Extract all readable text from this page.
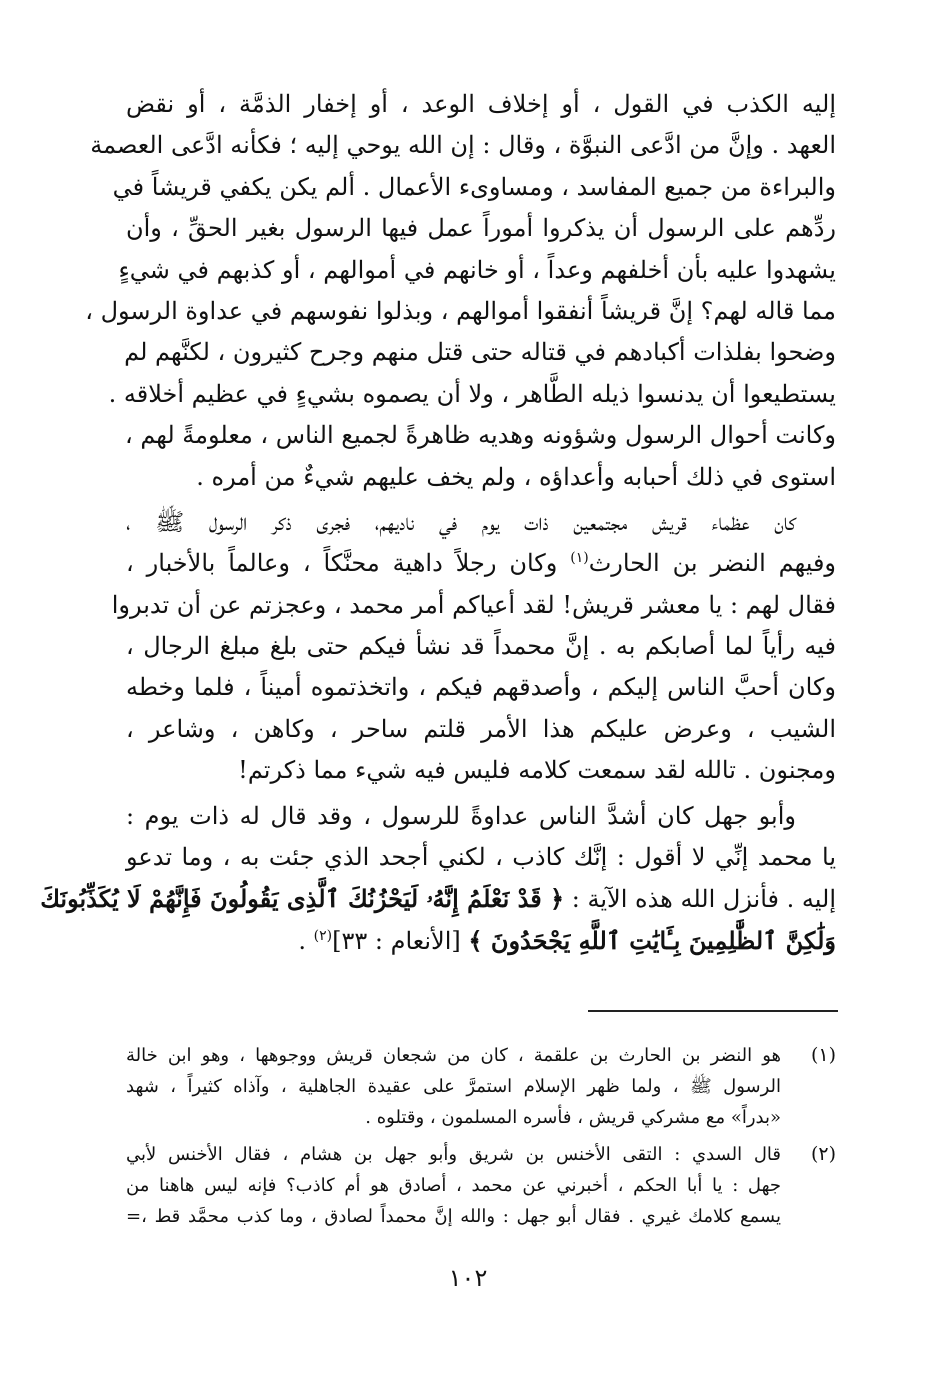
إليه الكذب في القول ، أو إخلاف الوعد ، أو إخفار الذمَّة ، أو نقض

العهد . وإنَّ من ادَّعى النبوَّة ، وقال : إن الله يوحي إليه ؛ فكأنه ادَّعى العصمة

والبراءة من جميع المفاسد ، ومساوىء الأعمال . ألم يكن يكفي قريشاً في

ردِّهم على الرسول أن يذكروا أموراً عمل فيها الرسول بغير الحقِّ ، وأن

يشهدوا عليه بأن أخلفهم وعداً ، أو خانهم في أموالهم ، أو كذبهم في شيءٍ

مما قاله لهم؟ إنَّ قريشاً أنفقوا أموالهم ، وبذلوا نفوسهم في عداوة الرسول ،

وضحوا بفلذات أكبادهم في قتاله حتى قتل منهم وجرح كثيرون ، لكنَّهم لم

يستطيعوا أن يدنسوا ذيله الطَّاهر ، ولا أن يصموه بشيءٍ في عظيم أخلاقه .

وكانت أحوال الرسول وشؤونه وهديه ظاهرةً لجميع الناس ، معلومةً لهم ،

استوى في ذلك أحبابه وأعداؤه ، ولم يخف عليهم شيءٌ من أمره .

كان عظماء قريش مجتمعين ذات يوم في ناديهم، فجرى ذكر الرسول ﷺ ،

وفيهم النضر بن الحارث$^{(١)}$ وكان رجلاً داهية محنَّكاً ، وعالماً بالأخبار ،

فقال لهم : يا معشر قريش! لقد أعياكم أمر محمد ، وعجزتم عن أن تدبروا

فيه رأياً لما أصابكم به . إنَّ محمداً قد نشأ فيكم حتى بلغ مبلغ الرجال ،

وكان أحبَّ الناس إليكم ، وأصدقهم فيكم ، واتخذتموه أميناً ، فلما وخطه

الشيب ، وعرض عليكم هذا الأمر قلتم ساحر ، وكاهن ، وشاعر ،

ومجنون . تالله لقد سمعت كلامه فليس فيه شيء مما ذكرتم!

وأبو جهل كان أشدَّ الناس عداوةً للرسول ، وقد قال له ذات يوم :

يا محمد إنِّي لا أقول : إنَّك كاذب ، لكني أجحد الذي جئت به ، وما تدعو

إليه . فأنزل الله هذه الآية : ﴿ قَدْ نَعْلَمُ إِنَّهُۥ لَيَحْزُنُكَ ٱلَّذِى يَقُولُونَ فَإِنَّهُمْ لَا يُكَذِّبُونَكَ

وَلَٰكِنَّ ٱلظَّٰلِمِينَ بِـَٔايَٰتِ ٱللَّهِ يَجْحَدُونَ ﴾ [الأنعام : ٣٣]$^{(٢)}$ .

(١)

هو النضر بن الحارث بن علقمة ، كان من شجعان قريش ووجوهها ، وهو ابن خالة

الرسول ﷺ ، ولما ظهر الإسلام استمرَّ على عقيدة الجاهلية ، وآذاه كثيراً ، شهد

«بدراً» مع مشركي قريش ، فأسره المسلمون ، وقتلوه .

(٢)

قال السدي : التقى الأخنس بن شريق وأبو جهل بن هشام ، فقال الأخنس لأبي

جهل : يا أبا الحكم ، أخبرني عن محمد ، أصادق هو أم كاذب؟ فإنه ليس هاهنا من

يسمع كلامك غيري . فقال أبو جهل : والله إنَّ محمداً لصادق ، وما كذب محمَّد قط ،=

١٠٢
